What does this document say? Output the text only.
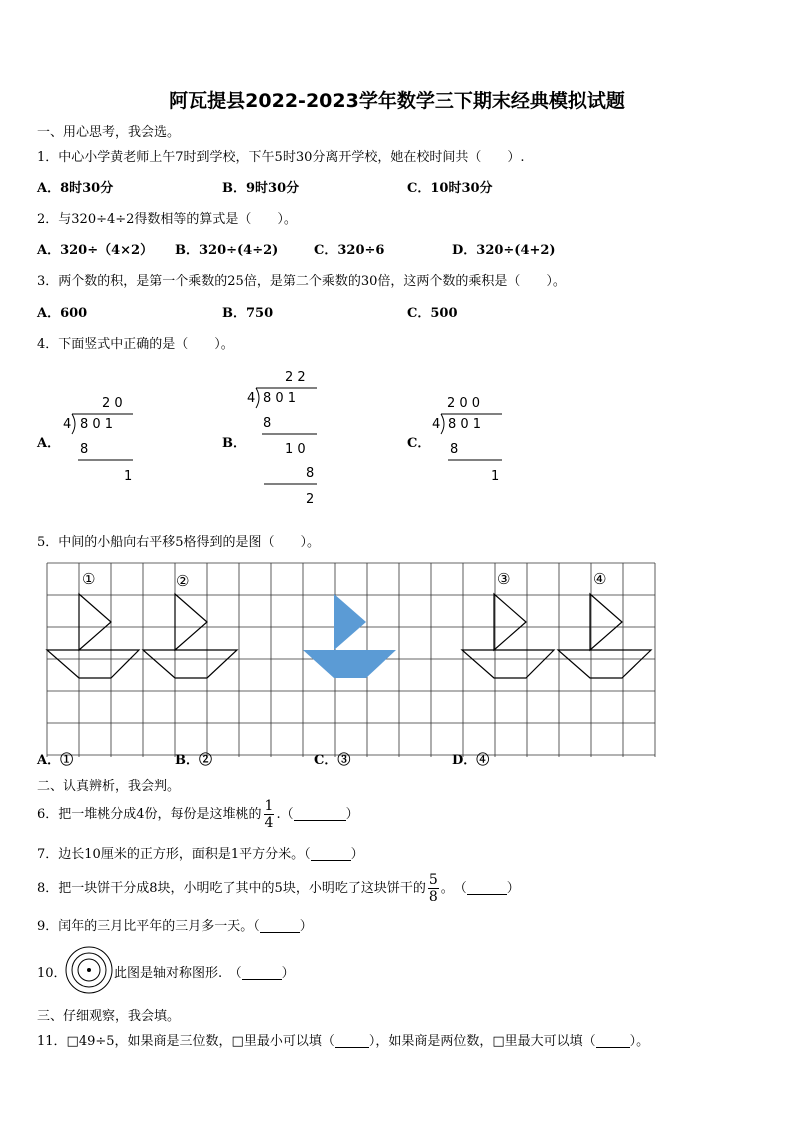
阿瓦提县2022-2023学年数学三下期末经典模拟试题
一、用心思考，我会选。
1．中心小学黄老师上午7时到学校，下午5时30分离开学校，她在校时间共（　　）.
A．8时30分	B．9时30分	C．10时30分
2．与320÷4÷2得数相等的算式是（　　）。
A．320÷（4×2） B．320÷(4÷2)	C．320÷6	D．320÷(4+2)
3．两个数的积，是第一个乘数的25倍，是第二个乘数的30倍，这两个数的乘积是（　　）。
A．600	B．750	C．500
4．下面竖式中正确的是（　　）。
A．	B．	C．
2 0
4 8 0 1
8
1
2 2
4 8 0 1
8
1 0
8
2
2 0 0
4 8 0 1
8
1
5．中间的小船向右平移5格得到的是图（　　）。
①	②	③	④
A．①	B．②	C．③	D．④
二、认真辨析，我会判。
6．把一堆桃分成4份，每份是这堆桃的 $\frac{1}{4}$ .（	）
7．边长10厘米的正方形，面积是1平方分米。（	）
8．把一块饼干分成8块，小明吃了其中的5块，小明吃了这块饼干的 $\frac{5}{8}$ 。　（	）
9．闰年的三月比平年的三月多一天。（	）
10．	此图是轴对称图形.　（	）
三、仔细观察，我会填。
11．□49÷5，如果商是三位数，□里最小可以填（	），如果商是两位数，□里最大可以填（	）。
